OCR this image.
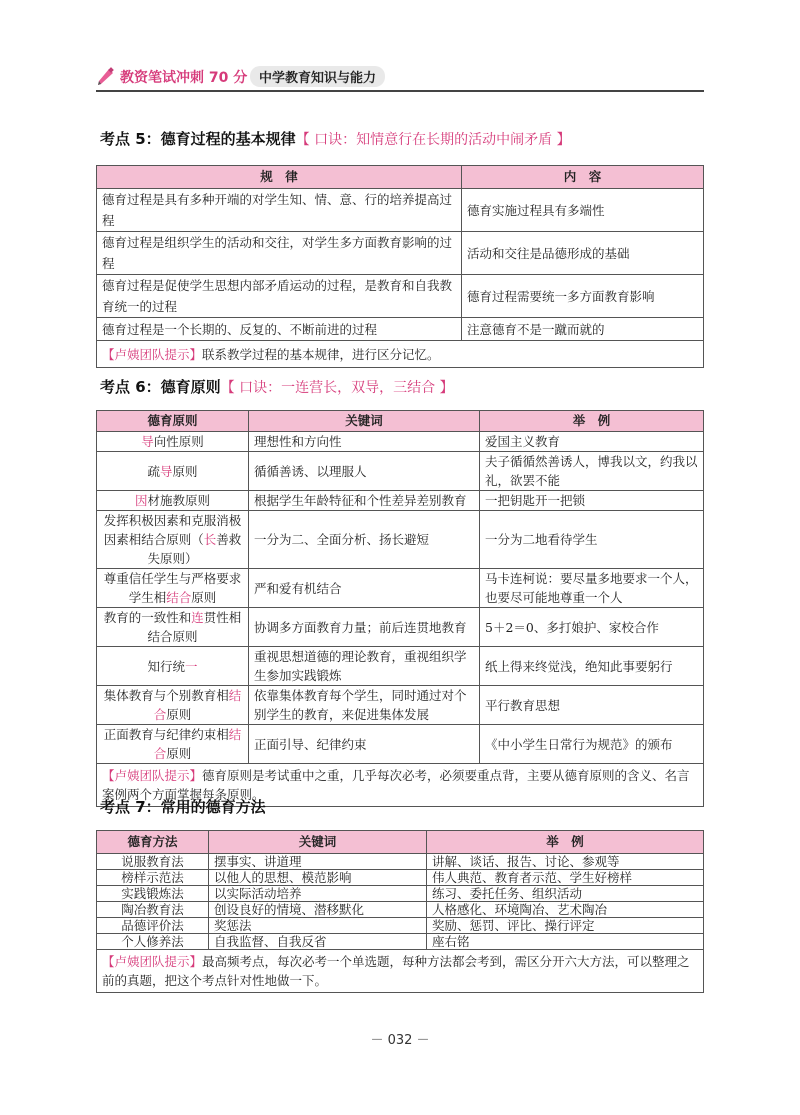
教资笔试冲刺 70 分 中学教育知识与能力
考点 5：德育过程的基本规律【 口诀：知情意行在长期的活动中闹矛盾 】
规　律	内　容
德育过程是具有多种开端的对学生知、情、意、行的培养提高过程	德育实施过程具有多端性
德育过程是组织学生的活动和交往，对学生多方面教育影响的过程	活动和交往是品德形成的基础
德育过程是促使学生思想内部矛盾运动的过程，是教育和自我教育统一的过程	德育过程需要统一多方面教育影响
德育过程是一个长期的、反复的、不断前进的过程	注意德育不是一蹴而就的
【卢姨团队提示】联系教学过程的基本规律，进行区分记忆。	
考点 6：德育原则【 口诀：一连营长，双导，三结合 】
德育原则	关键词	举　例
导向性原则	理想性和方向性	爱国主义教育
疏导原则	循循善诱、以理服人	夫子循循然善诱人，博我以文，约我以礼，欲罢不能
因材施教原则	根据学生年龄特征和个性差异差别教育	一把钥匙开一把锁
发挥积极因素和克服消极因素相结合原则（长善救失原则）	一分为二、全面分析、扬长避短	一分为二地看待学生
尊重信任学生与严格要求学生相结合原则	严和爱有机结合	马卡连柯说：要尽量多地要求一个人，也要尽可能地尊重一个人
教育的一致性和连贯性相结合原则	协调多方面教育力量；前后连贯地教育	5＋2＝0、多打娘护、家校合作
知行统一	重视思想道德的理论教育，重视组织学生参加实践锻炼	纸上得来终觉浅，绝知此事要躬行
集体教育与个别教育相结合原则	依靠集体教育每个学生，同时通过对个别学生的教育，来促进集体发展	平行教育思想
正面教育与纪律约束相结合原则	正面引导、纪律约束	《中小学生日常行为规范》的颁布
【卢姨团队提示】德育原则是考试重中之重，几乎每次必考，必须要重点背，主要从德育原则的含义、名言案例两个方面掌握每条原则。		
考点 7：常用的德育方法
德育方法	关键词	举　例
说服教育法	摆事实、讲道理	讲解、谈话、报告、讨论、参观等
榜样示范法	以他人的思想、模范影响	伟人典范、教育者示范、学生好榜样
实践锻炼法	以实际活动培养	练习、委托任务、组织活动
陶冶教育法	创设良好的情境、潜移默化	人格感化、环境陶冶、艺术陶冶
品德评价法	奖惩法	奖励、惩罚、评比、操行评定
个人修养法	自我监督、自我反省	座右铭
【卢姨团队提示】最高频考点，每次必考一个单选题，每种方法都会考到，需区分开六大方法，可以整理之前的真题，把这个考点针对性地做一下。		
－ 032 －
